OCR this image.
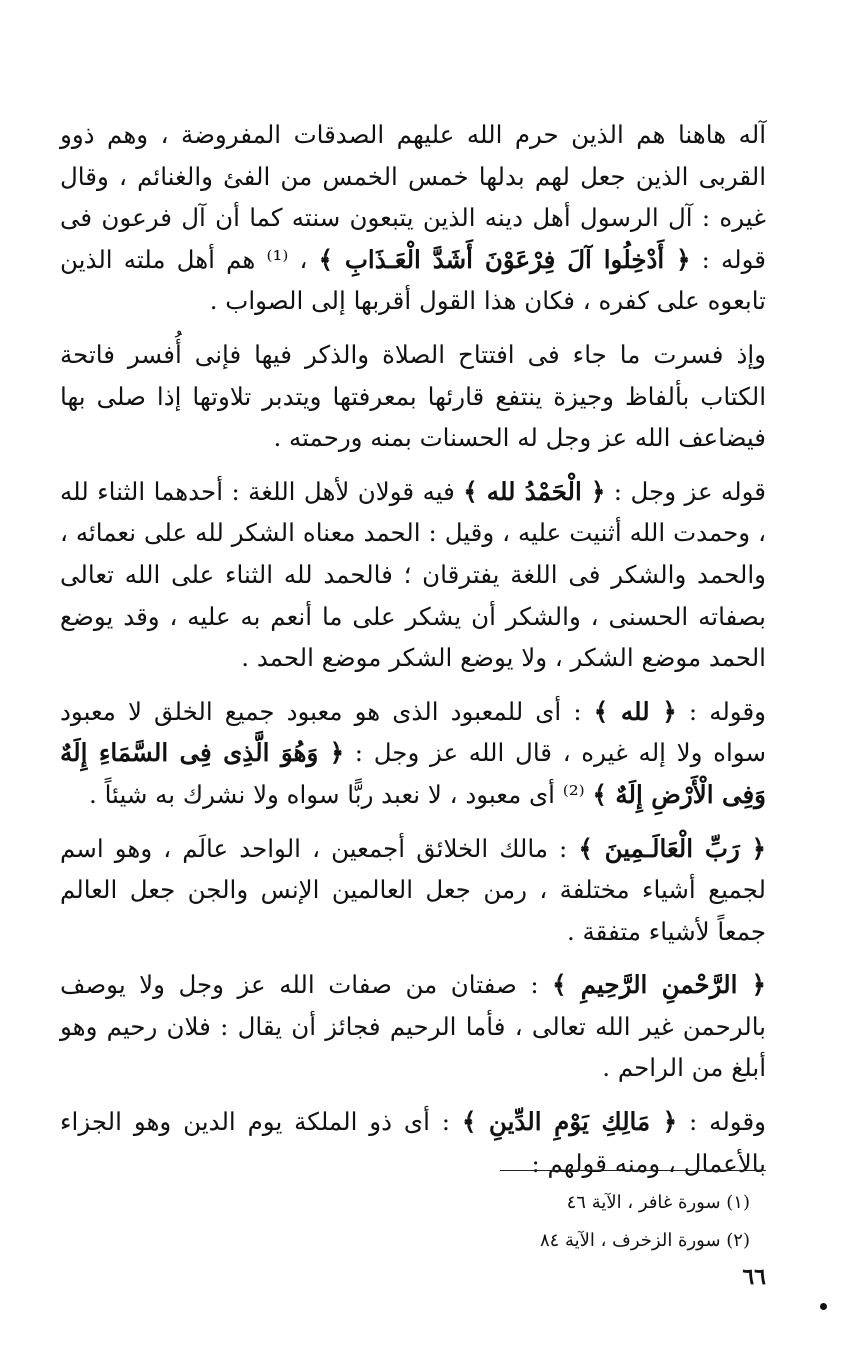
آله هاهنا هم الذين حرم الله عليهم الصدقات المفروضة ، وهم ذوو القربى الذين جعل لهم بدلها خمس الخمس من الفئ والغنائم ، وقال غيره : آل الرسول أهل دينه الذين يتبعون سنته كما أن آل فرعون فى قوله : ﴿ أَدْخِلُوا آلَ فِرْعَوْنَ أَشَدَّ الْعَـذَابِ ﴾ ، ⁽¹⁾ هم أهل ملته الذين تابعوه على كفره ، فكان هذا القول أقربها إلى الصواب .

وإذ فسرت ما جاء فى افتتاح الصلاة والذكر فيها فإنى أُفسر فاتحة الكتاب بألفاظ وجيزة ينتفع قارئها بمعرفتها ويتدبر تلاوتها إذا صلى بها فيضاعف الله عز وجل له الحسنات بمنه ورحمته .

قوله عز وجل : ﴿ الْحَمْدُ لله ﴾ فيه قولان لأهل اللغة : أحدهما الثناء لله ، وحمدت الله أثنيت عليه ، وقيل : الحمد معناه الشكر لله على نعمائه ، والحمد والشكر فى اللغة يفترقان ؛ فالحمد لله الثناء على الله تعالى بصفاته الحسنى ، والشكر أن يشكر على ما أنعم به عليه ، وقد يوضع الحمد موضع الشكر ، ولا يوضع الشكر موضع الحمد .

وقوله : ﴿ لله ﴾ : أى للمعبود الذى هو معبود جميع الخلق لا معبود سواه ولا إله غيره ، قال الله عز وجل : ﴿ وَهُوَ الَّذِى فِى السَّمَاءِ إِلَهٌ وَفِى الْأَرْضِ إِلَهٌ ﴾ ⁽²⁾ أى معبود ، لا نعبد ربًّا سواه ولا نشرك به شيئاً .

﴿ رَبِّ الْعَالَـمِينَ ﴾ : مالك الخلائق أجمعين ، الواحد عالَم ، وهو اسم لجميع أشياء مختلفة ، رمن جعل العالمين الإنس والجن جعل العالم جمعاً لأشياء متفقة .

﴿ الرَّحْمنِ الرَّحِيمِ ﴾ : صفتان من صفات الله عز وجل ولا يوصف بالرحمن غير الله تعالى ، فأما الرحيم فجائز أن يقال : فلان رحيم وهو أبلغ من الراحم .

وقوله : ﴿ مَالِكِ يَوْمِ الدِّينِ ﴾ : أى ذو الملكة يوم الدين وهو الجزاء بالأعمال ، ومنه قولهم :

(١) سورة غافر ، الآية ٤٦
(٢) سورة الزخرف ، الآية ٨٤
٦٦
